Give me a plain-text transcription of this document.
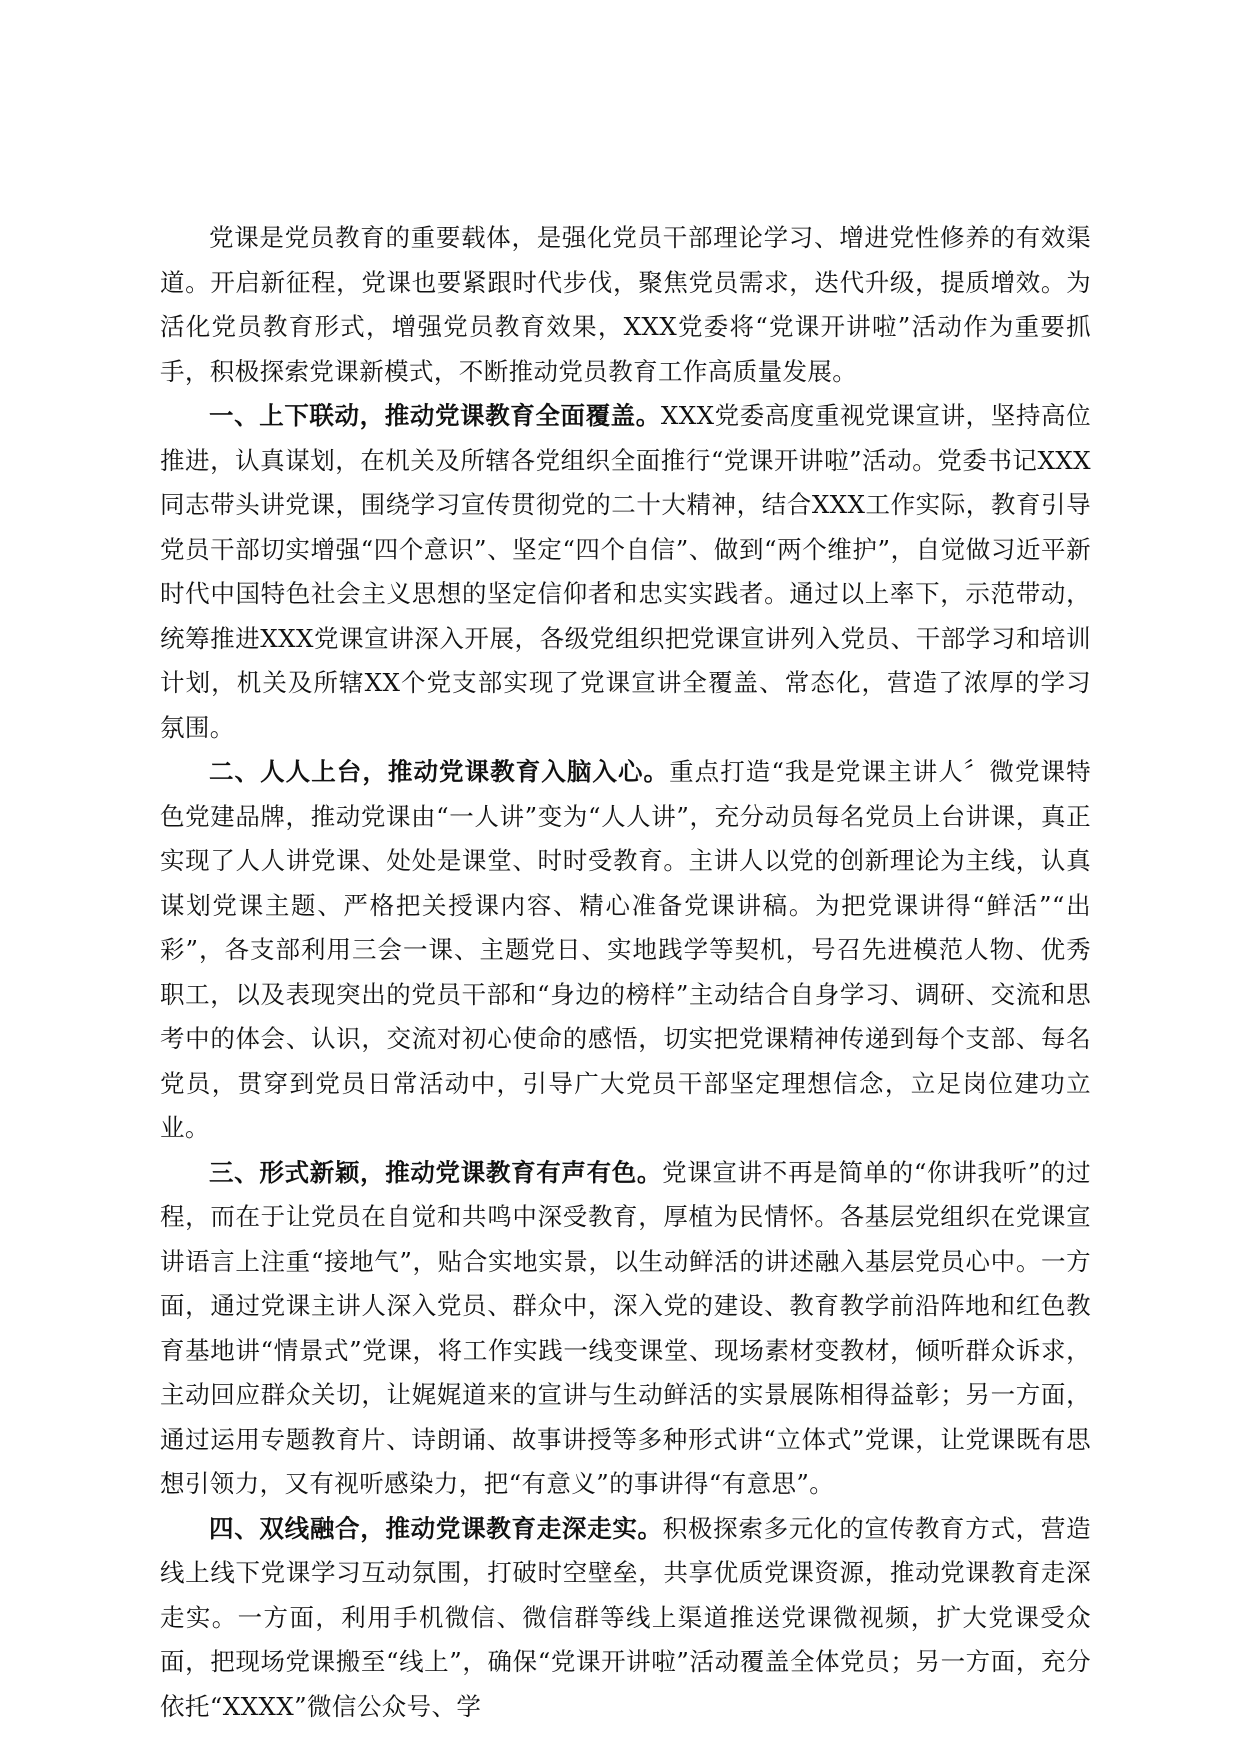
党课是党员教育的重要载体，是强化党员干部理论学习、增进党性修养的有效渠道。开启新征程，党课也要紧跟时代步伐，聚焦党员需求，迭代升级，提质增效。为活化党员教育形式，增强党员教育效果，XXX党委将“党课开讲啦”活动作为重要抓手，积极探索党课新模式，不断推动党员教育工作高质量发展。

一、上下联动，推动党课教育全面覆盖。XXX党委高度重视党课宣讲，坚持高位推进，认真谋划，在机关及所辖各党组织全面推行“党课开讲啦”活动。党委书记XXX同志带头讲党课，围绕学习宣传贯彻党的二十大精神，结合XXX工作实际，教育引导党员干部切实增强“四个意识”、坚定“四个自信”、做到“两个维护”，自觉做习近平新时代中国特色社会主义思想的坚定信仰者和忠实实践者。通过以上率下，示范带动，统筹推进XXX党课宣讲深入开展，各级党组织把党课宣讲列入党员、干部学习和培训计划，机关及所辖XX个党支部实现了党课宣讲全覆盖、常态化，营造了浓厚的学习氛围。

二、人人上台，推动党课教育入脑入心。重点打造“我是党课主讲人〞微党课特色党建品牌，推动党课由“一人讲”变为“人人讲”，充分动员每名党员上台讲课，真正实现了人人讲党课、处处是课堂、时时受教育。主讲人以党的创新理论为主线，认真谋划党课主题、严格把关授课内容、精心准备党课讲稿。为把党课讲得“鲜活”“出彩”，各支部利用三会一课、主题党日、实地践学等契机，号召先进模范人物、优秀职工，以及表现突出的党员干部和“身边的榜样”主动结合自身学习、调研、交流和思考中的体会、认识，交流对初心使命的感悟，切实把党课精神传递到每个支部、每名党员，贯穿到党员日常活动中，引导广大党员干部坚定理想信念，立足岗位建功立业。

三、形式新颖，推动党课教育有声有色。党课宣讲不再是简单的“你讲我听”的过程，而在于让党员在自觉和共鸣中深受教育，厚植为民情怀。各基层党组织在党课宣讲语言上注重“接地气”，贴合实地实景，以生动鲜活的讲述融入基层党员心中。一方面，通过党课主讲人深入党员、群众中，深入党的建设、教育教学前沿阵地和红色教育基地讲“情景式”党课，将工作实践一线变课堂、现场素材变教材，倾听群众诉求，主动回应群众关切，让娓娓道来的宣讲与生动鲜活的实景展陈相得益彰；另一方面，通过运用专题教育片、诗朗诵、故事讲授等多种形式讲“立体式”党课，让党课既有思想引领力，又有视听感染力，把“有意义”的事讲得“有意思”。

四、双线融合，推动党课教育走深走实。积极探索多元化的宣传教育方式，营造线上线下党课学习互动氛围，打破时空壁垒，共享优质党课资源，推动党课教育走深走实。一方面，利用手机微信、微信群等线上渠道推送党课微视频，扩大党课受众面，把现场党课搬至“线上”，确保“党课开讲啦”活动覆盖全体党员；另一方面，充分依托“XXXX”微信公众号、学
